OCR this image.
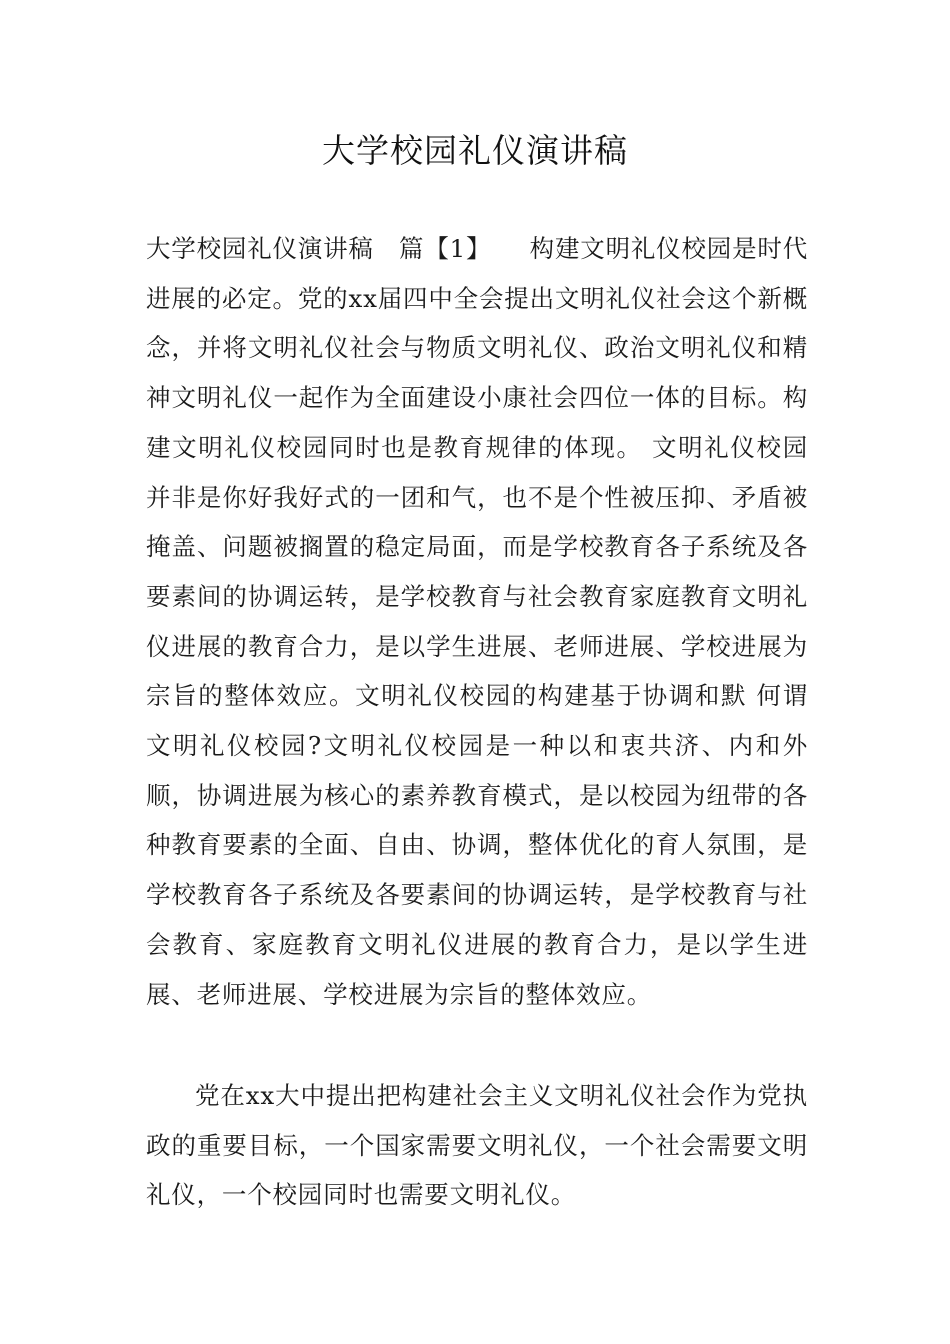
大学校园礼仪演讲稿
大学校园礼仪演讲稿　篇【1】　　构建文明礼仪校园是时代进展的必定。党的xx届四中全会提出文明礼仪社会这个新概念，并将文明礼仪社会与物质文明礼仪、政治文明礼仪和精神文明礼仪一起作为全面建设小康社会四位一体的目标。构建文明礼仪校园同时也是教育规律的体现。 文明礼仪校园并非是你好我好式的一团和气，也不是个性被压抑、矛盾被掩盖、问题被搁置的稳定局面，而是学校教育各子系统及各要素间的协调运转，是学校教育与社会教育家庭教育文明礼仪进展的教育合力，是以学生进展、老师进展、学校进展为宗旨的整体效应。文明礼仪校园的构建基于协调和默 何谓文明礼仪校园?文明礼仪校园是一种以和衷共济、内和外顺，协调进展为核心的素养教育模式，是以校园为纽带的各种教育要素的全面、自由、协调，整体优化的育人氛围，是学校教育各子系统及各要素间的协调运转，是学校教育与社会教育、家庭教育文明礼仪进展的教育合力，是以学生进展、老师进展、学校进展为宗旨的整体效应。
党在xx大中提出把构建社会主义文明礼仪社会作为党执政的重要目标，一个国家需要文明礼仪，一个社会需要文明礼仪，一个校园同时也需要文明礼仪。
